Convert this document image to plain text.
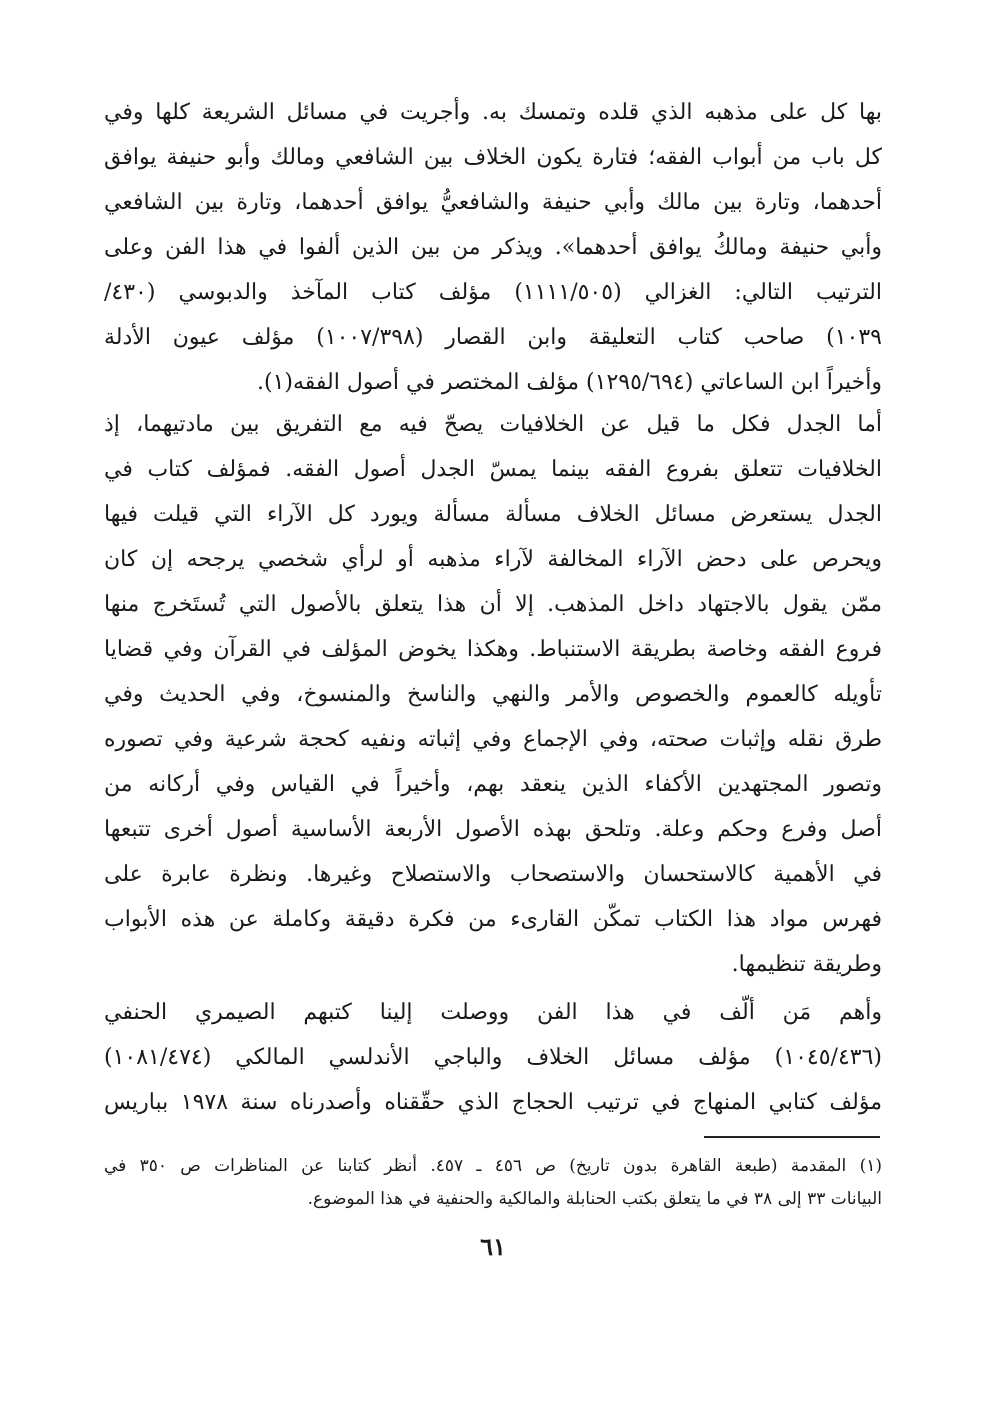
بها كل على مذهبه الذي قلده وتمسك به. وأجريت في مسائل الشريعة كلها وفي
كل باب من أبواب الفقه؛ فتارة يكون الخلاف بين الشافعي ومالك وأبو حنيفة يوافق
أحدهما، وتارة بين مالك وأبي حنيفة والشافعيُّ يوافق أحدهما، وتارة بين الشافعي
وأبي حنيفة ومالكُ يوافق أحدهما». ويذكر من بين الذين ألفوا في هذا الفن وعلى
الترتيب التالي: الغزالي (١١١١/٥٠٥) مؤلف كتاب المآخذ والدبوسي (٤٣٠/
١٠٣٩) صاحب كتاب التعليقة وابن القصار (١٠٠٧/٣٩٨) مؤلف عيون الأدلة
وأخيراً ابن الساعاتي (١٢٩٥/٦٩٤) مؤلف المختصر في أصول الفقه(١).
أما الجدل فكل ما قيل عن الخلافيات يصحّ فيه مع التفريق بين مادتيهما، إذ
الخلافيات تتعلق بفروع الفقه بينما يمسّ الجدل أصول الفقه. فمؤلف كتاب في
الجدل يستعرض مسائل الخلاف مسألة مسألة ويورد كل الآراء التي قيلت فيها
ويحرص على دحض الآراء المخالفة لآراء مذهبه أو لرأي شخصي يرجحه إن كان
ممّن يقول بالاجتهاد داخل المذهب. إلا أن هذا يتعلق بالأصول التي تُستَخرج منها
فروع الفقه وخاصة بطريقة الاستنباط. وهكذا يخوض المؤلف في القرآن وفي قضايا
تأويله كالعموم والخصوص والأمر والنهي والناسخ والمنسوخ، وفي الحديث وفي
طرق نقله وإثبات صحته، وفي الإجماع وفي إثباته ونفيه كحجة شرعية وفي تصوره
وتصور المجتهدين الأكفاء الذين ينعقد بهم، وأخيراً في القياس وفي أركانه من
أصل وفرع وحكم وعلة. وتلحق بهذه الأصول الأربعة الأساسية أصول أخرى تتبعها
في الأهمية كالاستحسان والاستصحاب والاستصلاح وغيرها. ونظرة عابرة على
فهرس مواد هذا الكتاب تمكّن القارىء من فكرة دقيقة وكاملة عن هذه الأبواب
وطريقة تنظيمها.
وأهم مَن ألّف في هذا الفن ووصلت إلينا كتبهم الصيمري الحنفي
(١٠٤٥/٤٣٦) مؤلف مسائل الخلاف والباجي الأندلسي المالكي (١٠٨١/٤٧٤)
مؤلف كتابي المنهاج في ترتيب الحجاج الذي حقّقناه وأصدرناه سنة ١٩٧٨ بباريس
(١) المقدمة (طبعة القاهرة بدون تاريخ) ص ٤٥٦ ـ ٤٥٧. أنظر كتابنا عن المناظرات ص ٣٥٠ في
البيانات ٣٣ إلى ٣٨ في ما يتعلق بكتب الحنابلة والمالكية والحنفية في هذا الموضوع.
٦١
